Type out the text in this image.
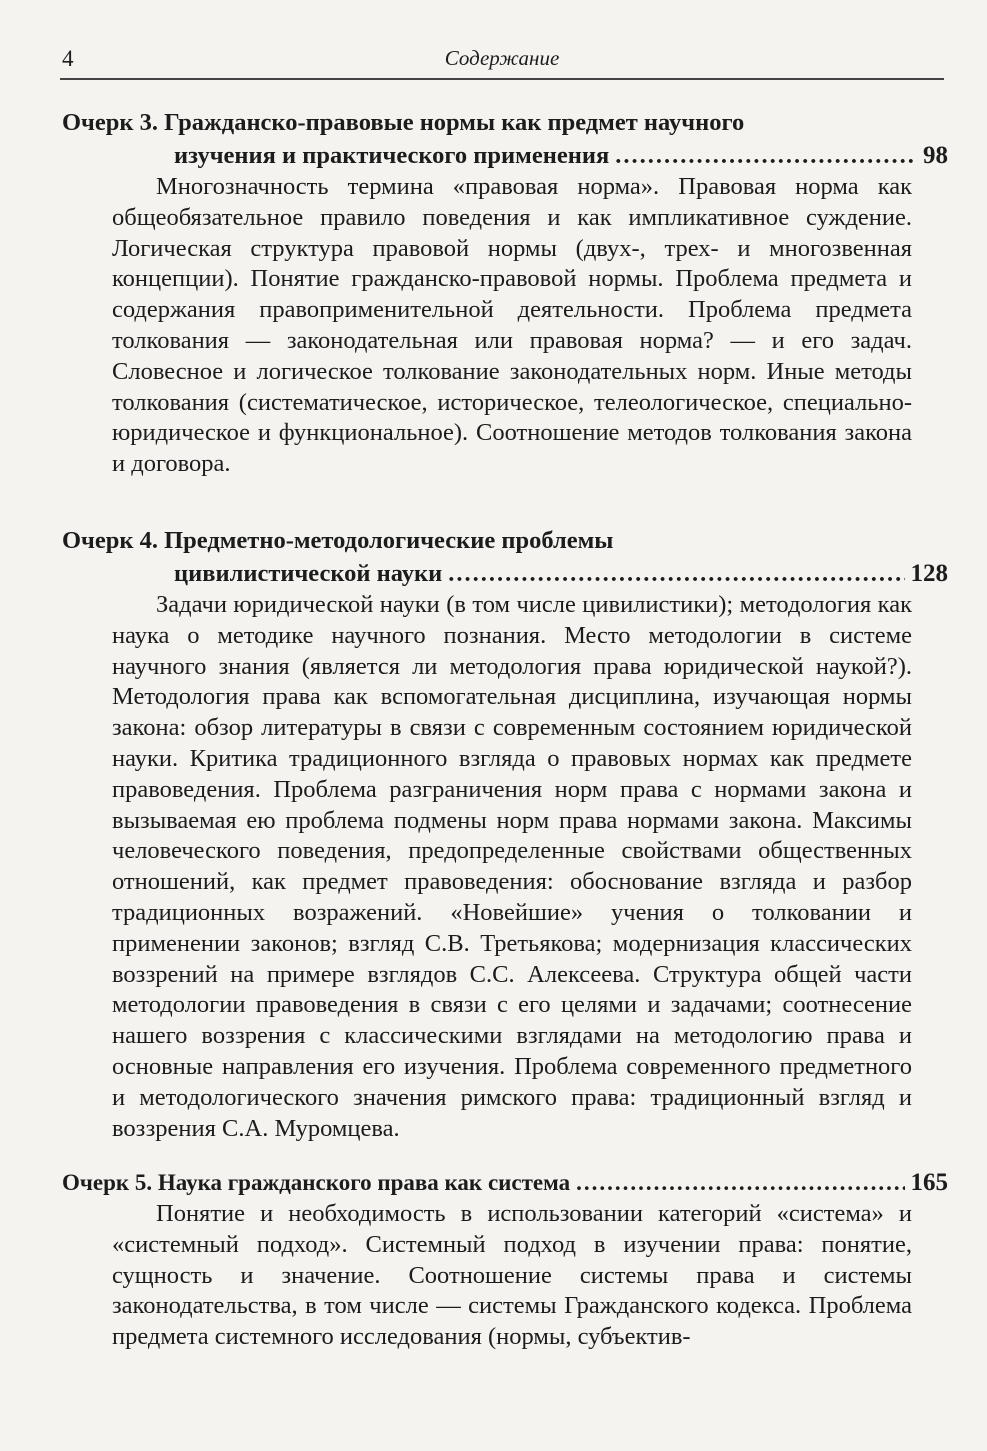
4	Содержание
Очерк 3. Гражданско-правовые нормы как предмет научного
изучения и практического применения .....	98

Многозначность термина «правовая норма». Правовая норма как общеобязательное правило поведения и как импликативное суждение. Логическая структура правовой нормы (двух-, трех- и многозвенная концепции). Понятие гражданско-правовой нормы. Проблема предмета и содержания правоприменительной деятельности. Проблема предмета толкования — законодательная или правовая норма? — и его задач. Словесное и логическое толкование законодательных норм. Иные методы толкования (систематическое, историческое, телеологическое, специально-юридическое и функциональное). Соотношение методов толкования закона и договора.

Очерк 4. Предметно-методологические проблемы
цивилистической науки .....	128

Задачи юридической науки (в том числе цивилистики); методология как наука о методике научного познания. Место методологии в системе научного знания (является ли методология права юридической наукой?). Методология права как вспомогательная дисциплина, изучающая нормы закона: обзор литературы в связи с современным состоянием юридической науки. Критика традиционного взгляда о правовых нормах как предмете правоведения. Проблема разграничения норм права с нормами закона и вызываемая ею проблема подмены норм права нормами закона. Максимы человеческого поведения, предопределенные свойствами общественных отношений, как предмет правоведения: обоснование взгляда и разбор традиционных возражений. «Новейшие» учения о толковании и применении законов; взгляд С.В. Третьякова; модернизация классических воззрений на примере взглядов С.С. Алексеева. Структура общей части методологии правоведения в связи с его целями и задачами; соотнесение нашего воззрения с классическими взглядами на методологию права и основные направления его изучения. Проблема современного предметного и методологического значения римского права: традиционный взгляд и воззрения С.А. Муромцева.

Очерк 5. Наука гражданского права как система .....	165

Понятие и необходимость в использовании категорий «система» и «системный подход». Системный подход в изучении права: понятие, сущность и значение. Соотношение системы права и системы законодательства, в том числе — системы Гражданского кодекса. Проблема предмета системного исследования (нормы, субъектив-
